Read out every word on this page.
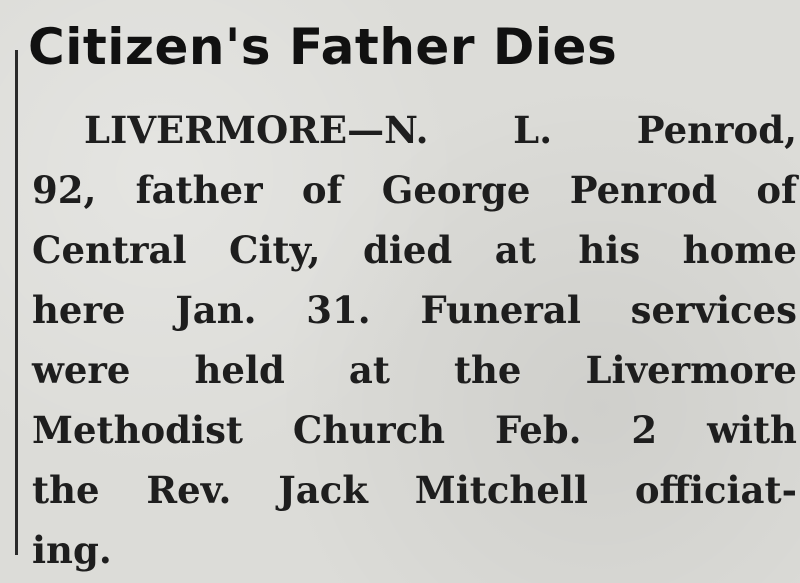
Citizen's Father Dies
LIVERMORE—N. L. Penrod,
92, father of George Penrod of
Central City, died at his home
here Jan. 31. Funeral services
were held at the Livermore
Methodist Church Feb. 2 with
the Rev. Jack Mitchell officiat-
ing.
